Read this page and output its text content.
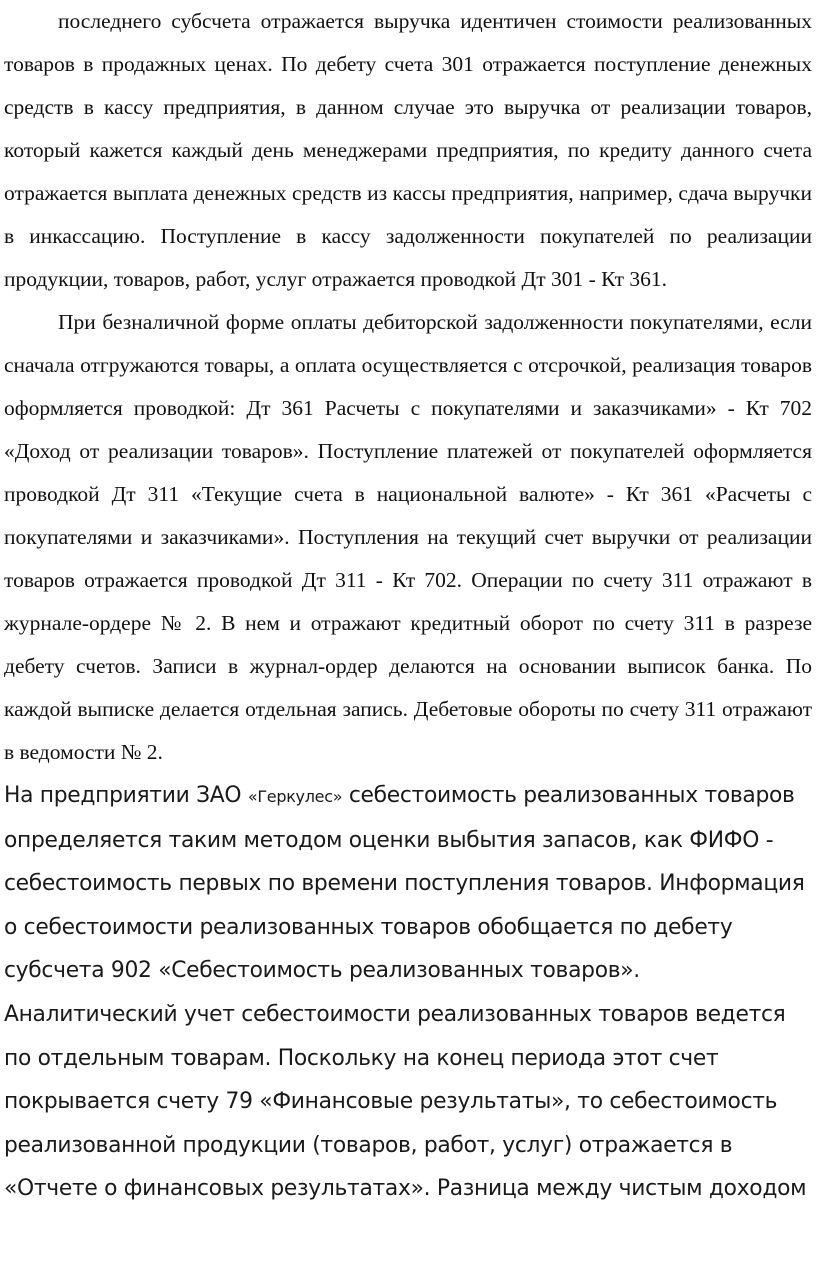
последнего субсчета отражается выручка идентичен стоимости реализованных товаров в продажных ценах. По дебету счета 301 отражается поступление денежных средств в кассу предприятия, в данном случае это выручка от реализации товаров, который кажется каждый день менеджерами предприятия, по кредиту данного счета отражается выплата денежных средств из кассы предприятия, например, сдача выручки в инкассацию. Поступление в кассу задолженности покупателей по реализации продукции, товаров, работ, услуг отражается проводкой Дт 301 - Кт 361.

При безналичной форме оплаты дебиторской задолженности покупателями, если сначала отгружаются товары, а оплата осуществляется с отсрочкой, реализация товаров оформляется проводкой: Дт 361 Расчеты с покупателями и заказчиками» - Кт 702 «Доход от реализации товаров». Поступление платежей от покупателей оформляется проводкой Дт 311 «Текущие счета в национальной валюте» - Кт 361 «Расчеты с покупателями и заказчиками». Поступления на текущий счет выручки от реализации товаров отражается проводкой Дт 311 - Кт 702. Операции по счету 311 отражают в журнале-ордере № 2. В нем и отражают кредитный оборот по счету 311 в разрезе дебету счетов. Записи в журнал-ордер делаются на основании выписок банка. По каждой выписке делается отдельная запись. Дебетовые обороты по счету 311 отражают в ведомости № 2.

На предприятии ЗАО «Геркулес» себестоимость реализованных товаров определяется таким методом оценки выбытия запасов, как ФИФО - себестоимость первых по времени поступления товаров. Информация о себестоимости реализованных товаров обобщается по дебету субсчета 902 «Себестоимость реализованных товаров». Аналитический учет себестоимости реализованных товаров ведется по отдельным товарам. Поскольку на конец периода этот счет покрывается счету 79 «Финансовые результаты», то себестоимость реализованной продукции (товаров, работ, услуг) отражается в «Отчете о финансовых результатах». Разница между чистым доходом
